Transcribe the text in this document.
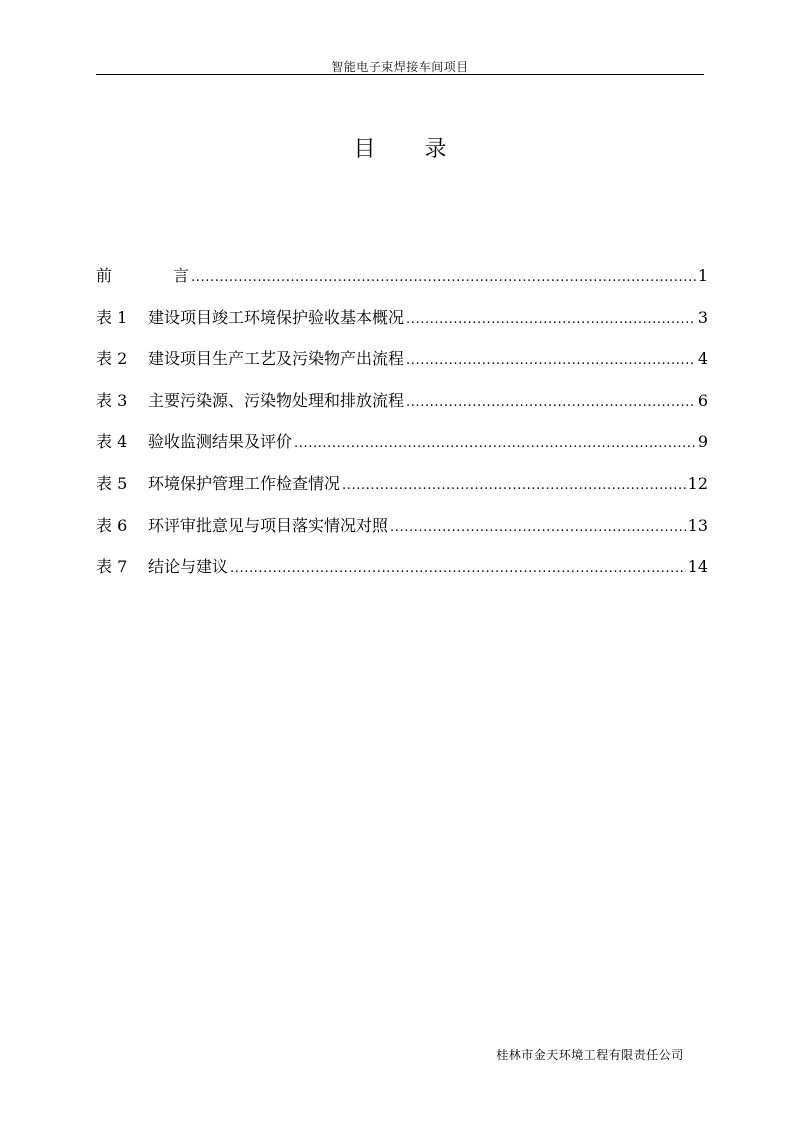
智能电子束焊接车间项目
目       录
前 言 .....	1
表 1	建设项目竣工环境保护验收基本概况 .....	3
表 2	建设项目生产工艺及污染物产出流程 .....	4
表 3	主要污染源、污染物处理和排放流程 .....	6
表 4	验收监测结果及评价 .....	9
表 5	环境保护管理工作检查情况 .....	12
表 6	环评审批意见与项目落实情况对照 .....	13
表 7	结论与建议 .....	14
桂林市金天环境工程有限责任公司
